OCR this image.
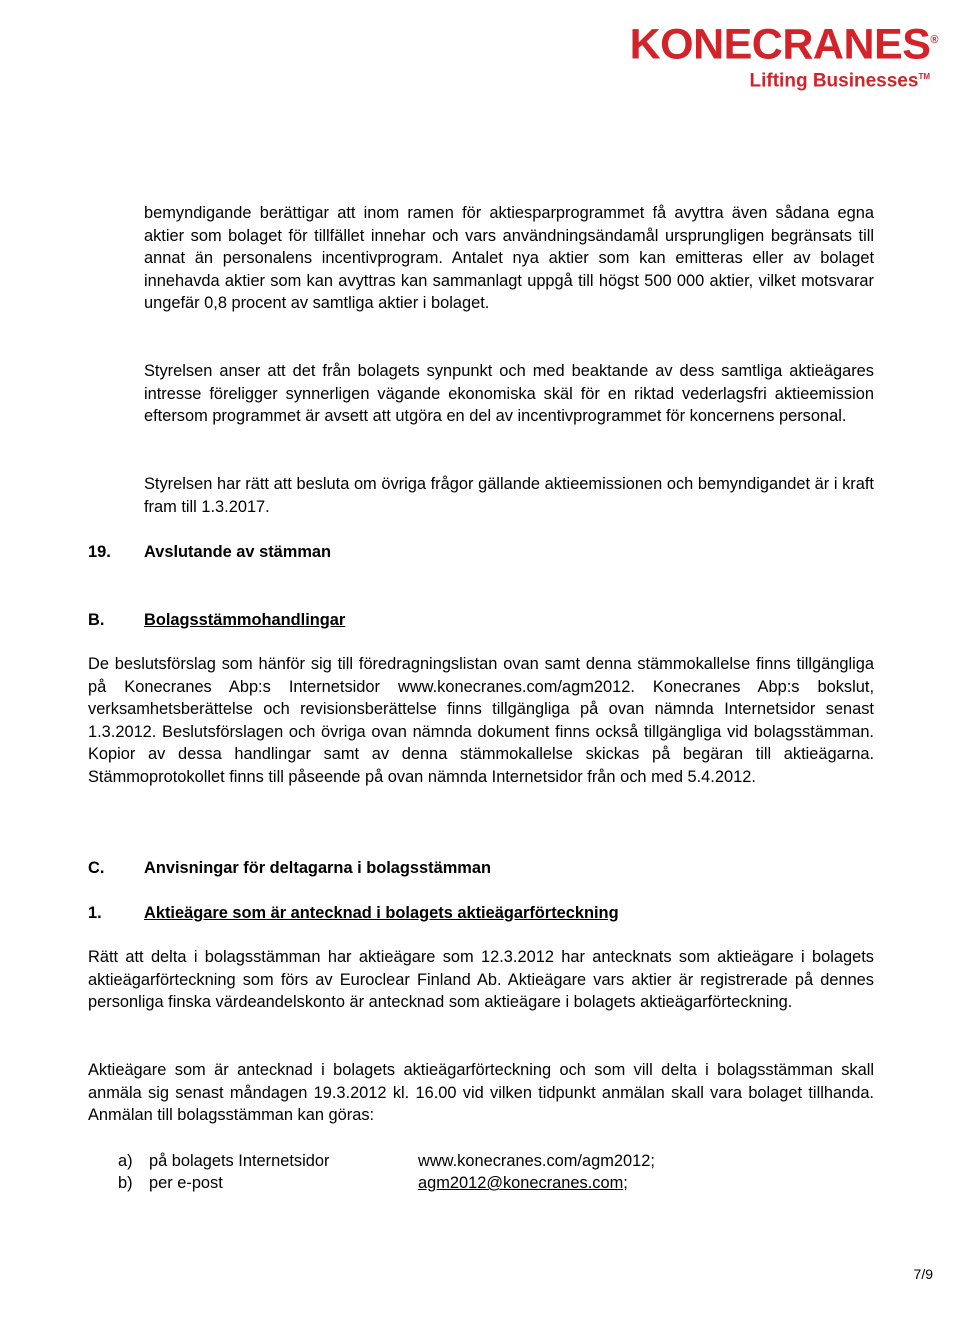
KONECRANES®
Lifting Businesses™

bemyndigande berättigar att inom ramen för aktiesparprogrammet få avyttra även sådana egna aktier som bolaget för tillfället innehar och vars användningsändamål ursprungligen begränsats till annat än personalens incentivprogram. Antalet nya aktier som kan emitteras eller av bolaget innehavda aktier som kan avyttras kan sammanlagt uppgå till högst 500 000 aktier, vilket motsvarar ungefär 0,8 procent av samtliga aktier i bolaget.

Styrelsen anser att det från bolagets synpunkt och med beaktande av dess samtliga aktieägares intresse föreligger synnerligen vägande ekonomiska skäl för en riktad vederlagsfri aktieemission eftersom programmet är avsett att utgöra en del av incentivprogrammet för koncernens personal.

Styrelsen har rätt att besluta om övriga frågor gällande aktieemissionen och bemyndigandet är i kraft fram till 1.3.2017.

19. Avslutande av stämman
B. Bolagsstämmohandlingar

De beslutsförslag som hänför sig till föredragningslistan ovan samt denna stämmokallelse finns tillgängliga på Konecranes Abp:s Internetsidor www.konecranes.com/agm2012. Konecranes Abp:s bokslut, verksamhetsberättelse och revisionsberättelse finns tillgängliga på ovan nämnda Internetsidor senast 1.3.2012. Beslutsförslagen och övriga ovan nämnda dokument finns också tillgängliga vid bolagsstämman. Kopior av dessa handlingar samt av denna stämmokallelse skickas på begäran till aktieägarna. Stämmoprotokollet finns till påseende på ovan nämnda Internetsidor från och med 5.4.2012.

C. Anvisningar för deltagarna i bolagsstämman
1.	Aktieägare som är antecknad i bolagets aktieägarförteckning

Rätt att delta i bolagsstämman har aktieägare som 12.3.2012 har antecknats som aktieägare i bolagets aktieägarförteckning som förs av Euroclear Finland Ab. Aktieägare vars aktier är registrerade på dennes personliga finska värdeandelskonto är antecknad som aktieägare i bolagets aktieägarförteckning.

Aktieägare som är antecknad i bolagets aktieägarförteckning och som vill delta i bolagsstämman skall anmäla sig senast måndagen 19.3.2012 kl. 16.00 vid vilken tidpunkt anmälan skall vara bolaget tillhanda. Anmälan till bolagsstämman kan göras:

a) på bolagets Internetsidor	www.konecranes.com/agm2012;
b) per e-post	agm2012@konecranes.com;
7/9
